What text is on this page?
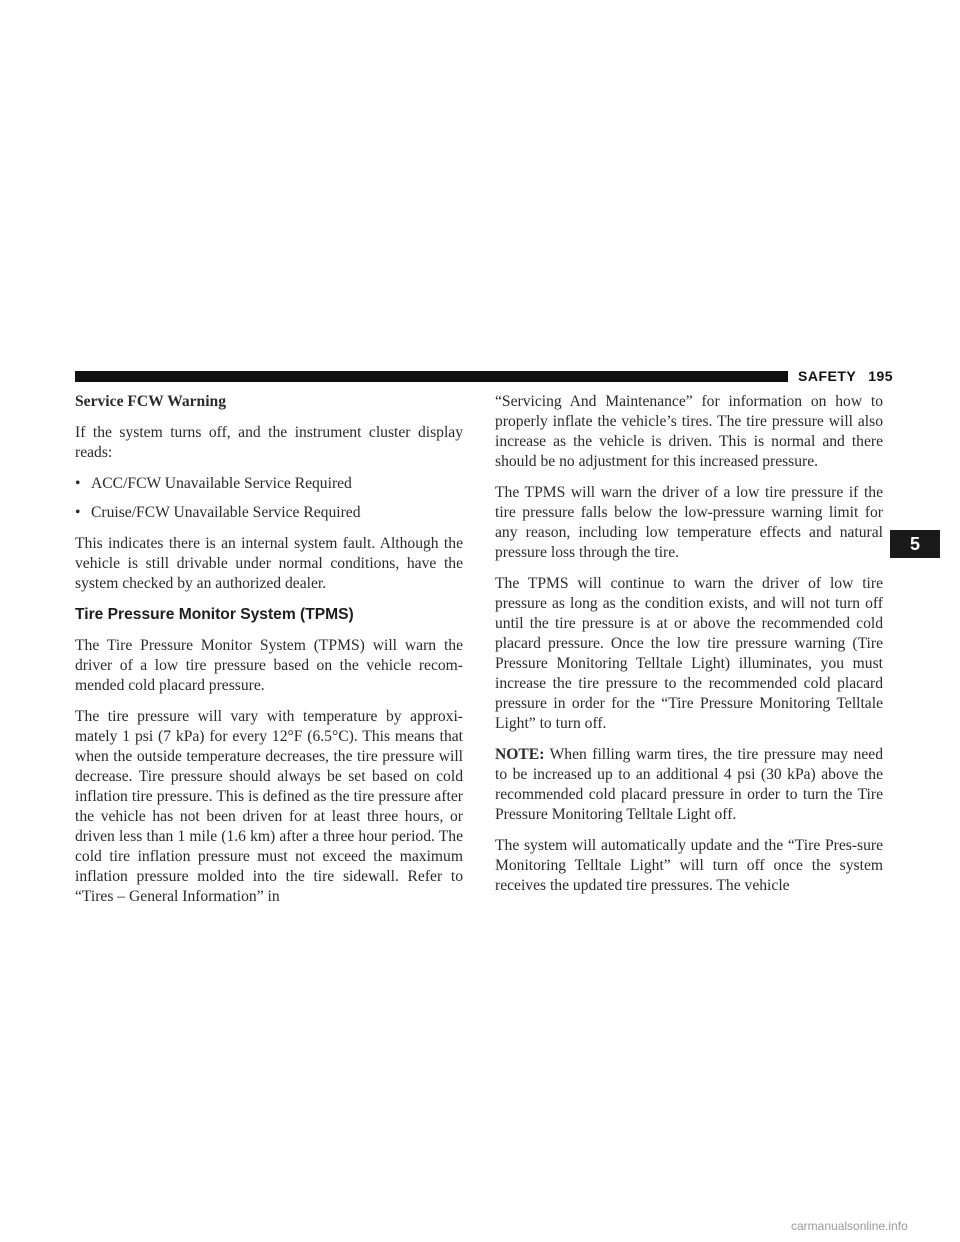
SAFETY 195
5

Service FCW Warning

If the system turns off, and the instrument cluster display reads:

• ACC/FCW Unavailable Service Required
• Cruise/FCW Unavailable Service Required

This indicates there is an internal system fault. Although the vehicle is still drivable under normal conditions, have the system checked by an authorized dealer.

Tire Pressure Monitor System (TPMS)

The Tire Pressure Monitor System (TPMS) will warn the driver of a low tire pressure based on the vehicle recom-mended cold placard pressure.

The tire pressure will vary with temperature by approxi-mately 1 psi (7 kPa) for every 12°F (6.5°C). This means that when the outside temperature decreases, the tire pressure will decrease. Tire pressure should always be set based on cold inflation tire pressure. This is defined as the tire pressure after the vehicle has not been driven for at least three hours, or driven less than 1 mile (1.6 km) after a three hour period. The cold tire inflation pressure must not exceed the maximum inflation pressure molded into the tire sidewall. Refer to “Tires – General Information” in

“Servicing And Maintenance” for information on how to properly inflate the vehicle’s tires. The tire pressure will also increase as the vehicle is driven. This is normal and there should be no adjustment for this increased pressure.

The TPMS will warn the driver of a low tire pressure if the tire pressure falls below the low-pressure warning limit for any reason, including low temperature effects and natural pressure loss through the tire.

The TPMS will continue to warn the driver of low tire pressure as long as the condition exists, and will not turn off until the tire pressure is at or above the recommended cold placard pressure. Once the low tire pressure warning (Tire Pressure Monitoring Telltale Light) illuminates, you must increase the tire pressure to the recommended cold placard pressure in order for the “Tire Pressure Monitoring Telltale Light” to turn off.

NOTE: When filling warm tires, the tire pressure may need to be increased up to an additional 4 psi (30 kPa) above the recommended cold placard pressure in order to turn the Tire Pressure Monitoring Telltale Light off.

The system will automatically update and the “Tire Pres-sure Monitoring Telltale Light” will turn off once the system receives the updated tire pressures. The vehicle

carmanualsonline.info
